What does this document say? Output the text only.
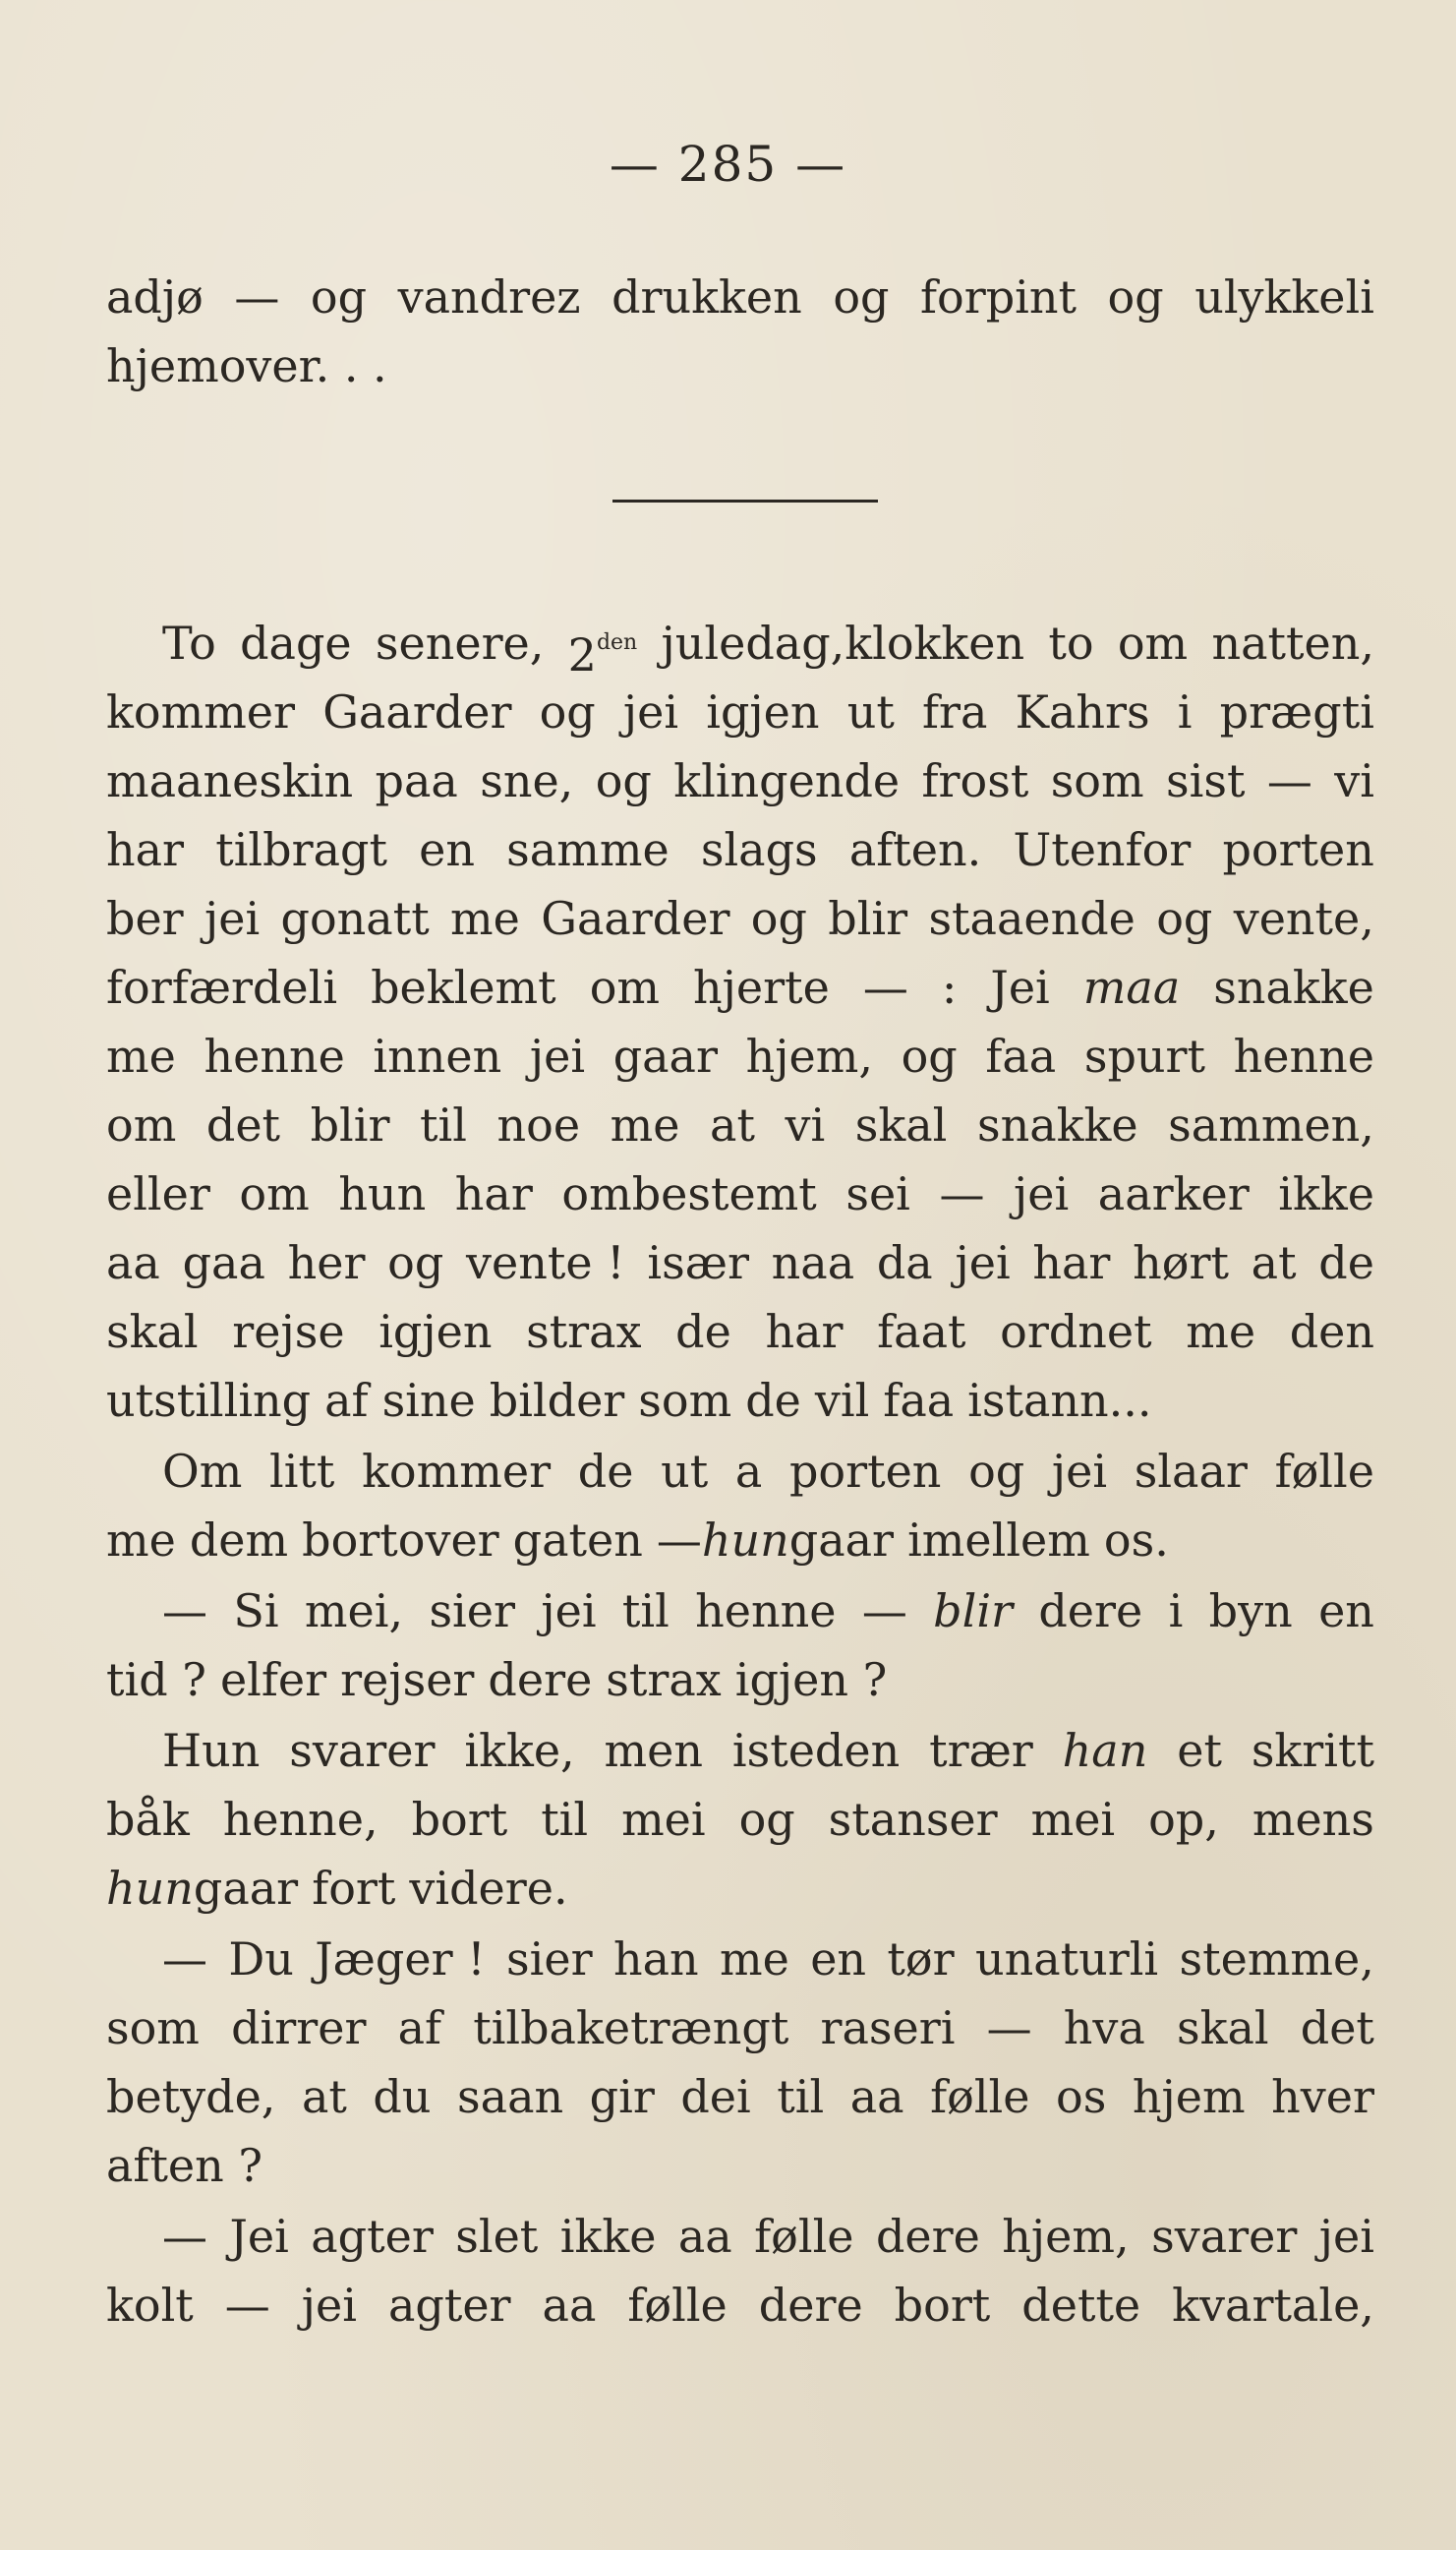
— 285 —
adjø — og vandrez drukken og forpint og ulykkeli
hjemover. . .
To dage senere, $2^{den}$ juledag,klokken to om natten,
kommer Gaarder og jei igjen ut fra Kahrs i prægti
maaneskin paa sne, og klingende frost som sist — vi
har tilbragt en samme slags aften. Utenfor porten
ber jei gonatt me Gaarder og blir staaende og vente,
forfærdeli beklemt om hjerte — : Jei maa snakke
me henne innen jei gaar hjem, og faa spurt henne
om det blir til noe me at vi skal snakke sammen,
eller om hun har ombestemt sei — jei aarker ikke
aa gaa her og vente ! især naa da jei har hørt at de
skal rejse igjen strax de har faat ordnet me den
utstilling af sine bilder som de vil faa istann...
Om litt kommer de ut a porten og jei slaar følle
me dem bortover gaten — hun gaar imellem os.
— Si mei, sier jei til henne — blir dere i byn en
tid ? elfer rejser dere strax igjen ?
Hun svarer ikke, men isteden trær han et skritt
båk henne, bort til mei og stanser mei op, mens
hun gaar fort videre.
— Du Jæger ! sier han me en tør unaturli stemme,
som dirrer af tilbaketrængt raseri — hva skal det
betyde, at du saan gir dei til aa følle os hjem hver
aften ?
— Jei agter slet ikke aa følle dere hjem, svarer jei
kolt — jei agter aa følle dere bort dette kvartale,
